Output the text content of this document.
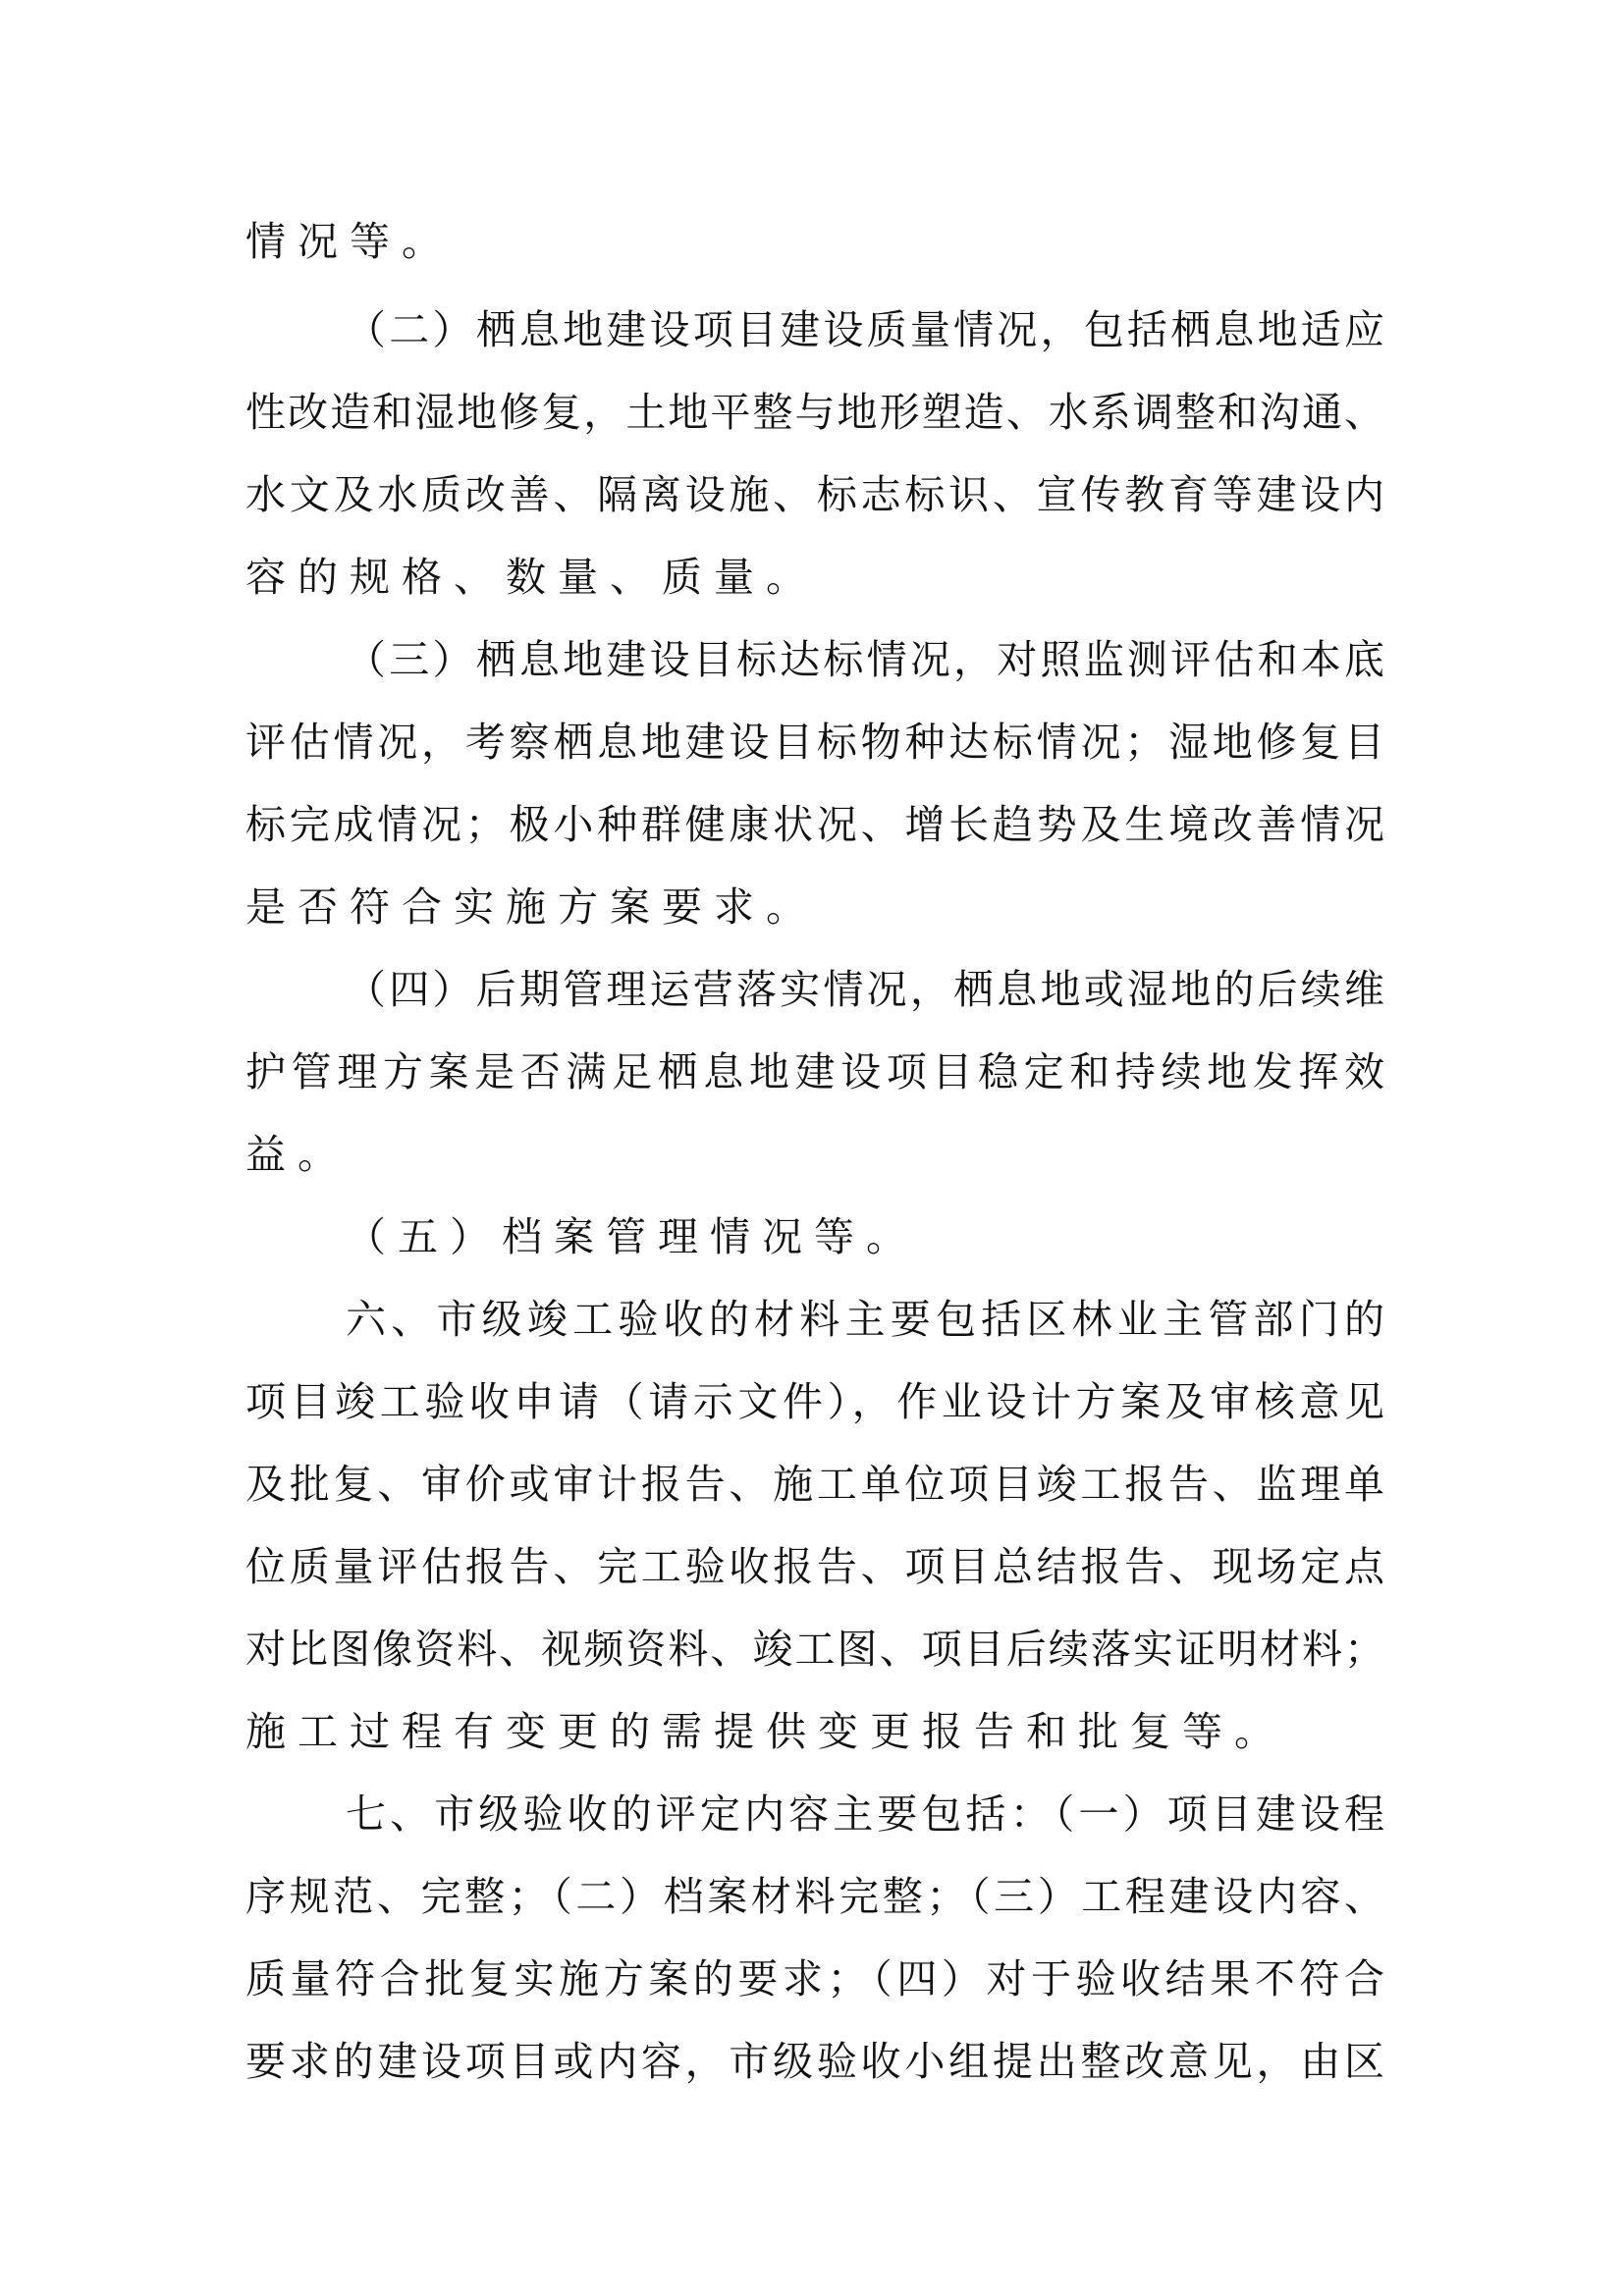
情况等。
（二）栖息地建设项目建设质量情况，包括栖息地适应
性改造和湿地修复，土地平整与地形塑造、水系调整和沟通、
水文及水质改善、隔离设施、标志标识、宣传教育等建设内
容的规格、数量、质量。
（三）栖息地建设目标达标情况，对照监测评估和本底
评估情况，考察栖息地建设目标物种达标情况；湿地修复目
标完成情况；极小种群健康状况、增长趋势及生境改善情况
是否符合实施方案要求。
（四）后期管理运营落实情况，栖息地或湿地的后续维
护管理方案是否满足栖息地建设项目稳定和持续地发挥效
益。
（五）档案管理情况等。
六、市级竣工验收的材料主要包括区林业主管部门的
项目竣工验收申请（请示文件），作业设计方案及审核意见
及批复、审价或审计报告、施工单位项目竣工报告、监理单
位质量评估报告、完工验收报告、项目总结报告、现场定点
对比图像资料、视频资料、竣工图、项目后续落实证明材料；
施工过程有变更的需提供变更报告和批复等。
七、市级验收的评定内容主要包括：（一）项目建设程
序规范、完整；（二）档案材料完整；（三）工程建设内容、
质量符合批复实施方案的要求；（四）对于验收结果不符合
要求的建设项目或内容，市级验收小组提出整改意见，由区
